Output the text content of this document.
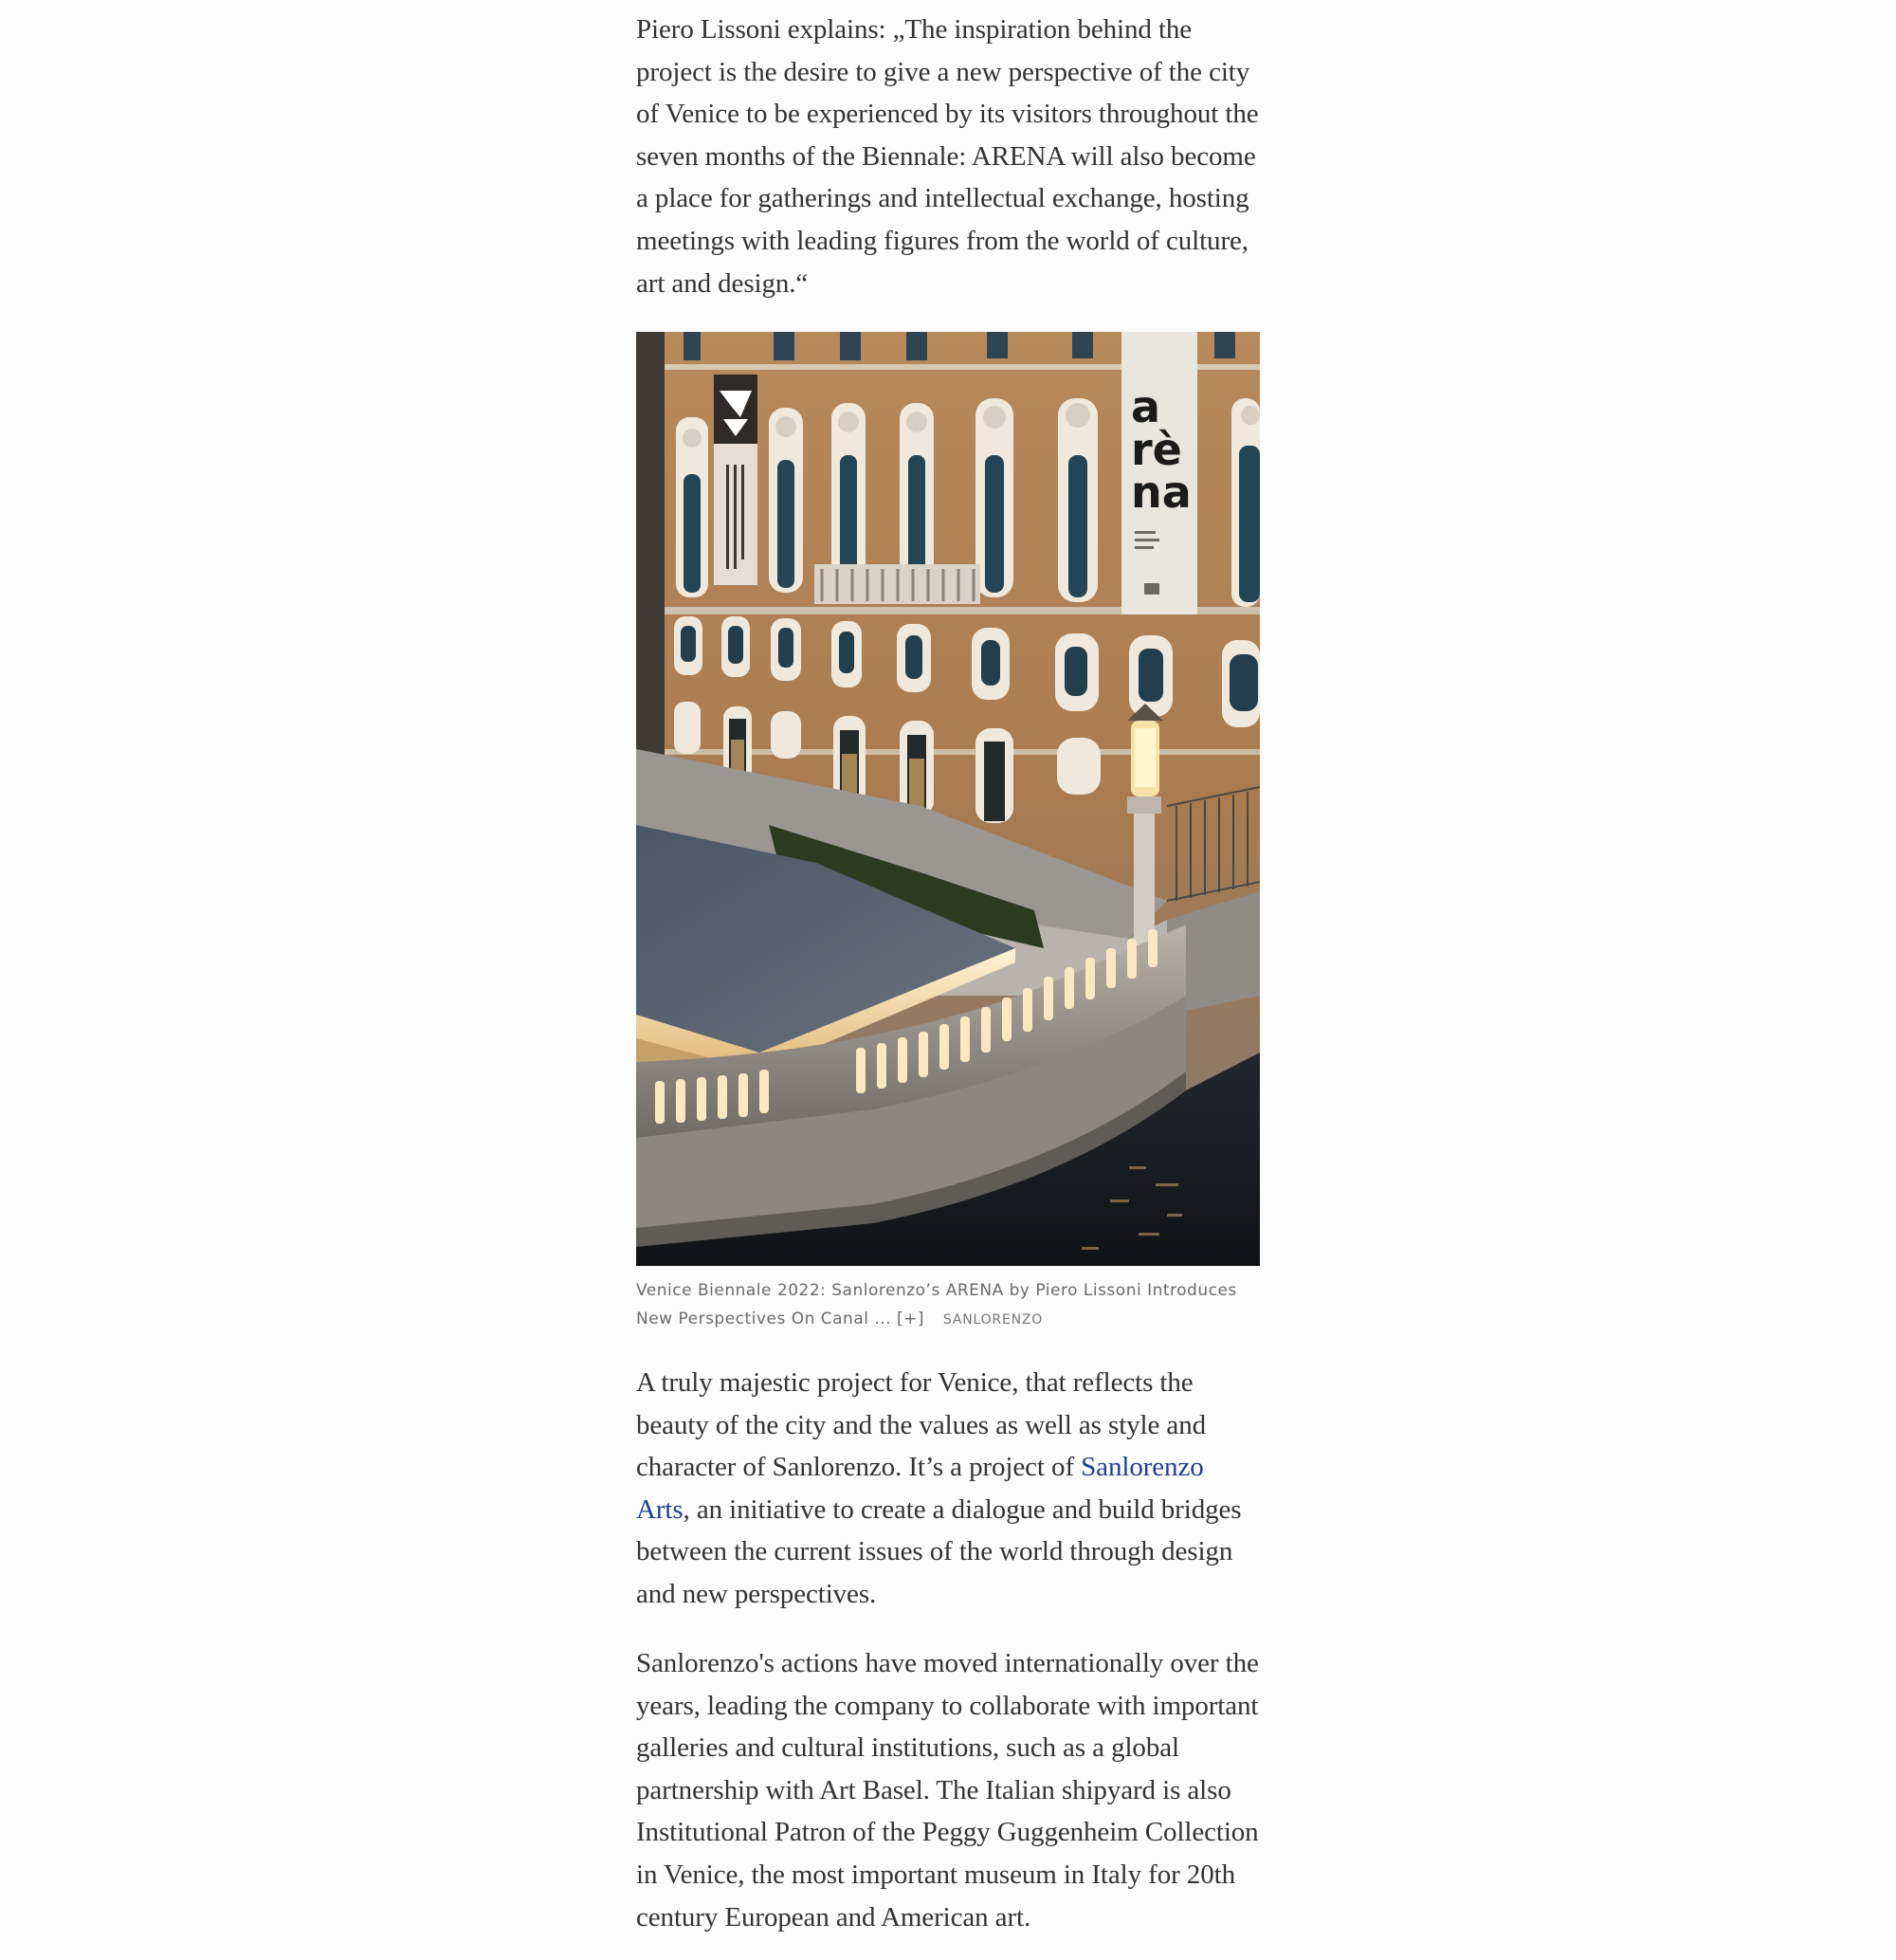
Piero Lissoni explains: „The inspiration behind the project is the desire to give a new perspective of the city of Venice to be experienced by its visitors throughout the seven months of the Biennale: ARENA will also become a place for gatherings and intellectual exchange, hosting meetings with leading figures from the world of culture, art and design.“

a
rè
na
Venice Biennale 2022: Sanlorenzo’s ARENA by Piero Lissoni Introduces New Perspectives On Canal ... [+] SANLORENZO

A truly majestic project for Venice, that reflects the beauty of the city and the values as well as style and character of Sanlorenzo. It’s a project of Sanlorenzo Arts, an initiative to create a dialogue and build bridges between the current issues of the world through design and new perspectives.

Sanlorenzo's actions have moved internationally over the years, leading the company to collaborate with important galleries and cultural institutions, such as a global partnership with Art Basel. The Italian shipyard is also Institutional Patron of the Peggy Guggenheim Collection in Venice, the most important museum in Italy for 20th century European and American art.
